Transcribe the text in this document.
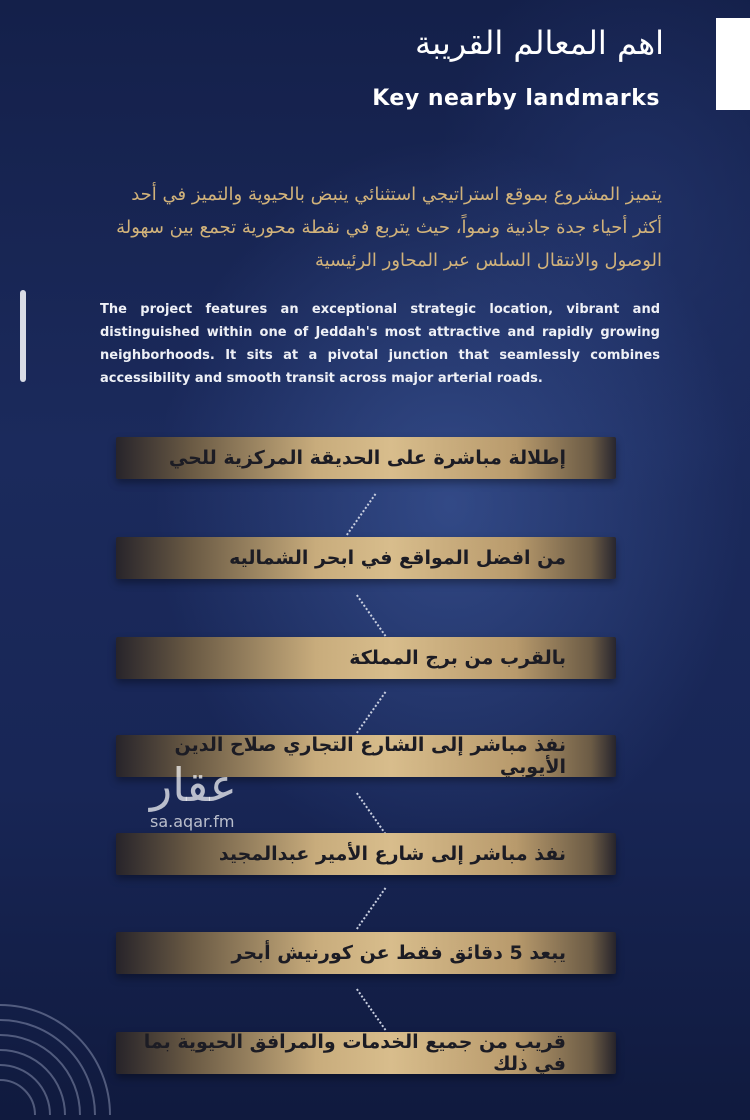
اهم المعالم القريبة
Key nearby landmarks
يتميز المشروع بموقع استراتيجي استثنائي ينبض بالحيوية والتميز في أحد أكثر أحياء جدة جاذبية ونمواً، حيث يتربع في نقطة محورية تجمع بين سهولة الوصول والانتقال السلس عبر المحاور الرئيسية
The project features an exceptional strategic location, vibrant and distinguished within one of Jeddah's most attractive and rapidly growing neighborhoods. It sits at a pivotal junction that seamlessly combines accessibility and smooth transit across major arterial roads.
إطلالة مباشرة على الحديقة المركزية للحي
من افضل المواقع في ابحر الشماليه
بالقرب من برج المملكة
نفذ مباشر إلى الشارع التجاري صلاح الدين الأيوبي
نفذ مباشر إلى شارع الأمير عبدالمجيد
يبعد 5 دقائق فقط عن كورنيش أبحر
قريب من جميع الخدمات والمرافق الحيوية بما في ذلك
عقار
sa.aqar.fm
